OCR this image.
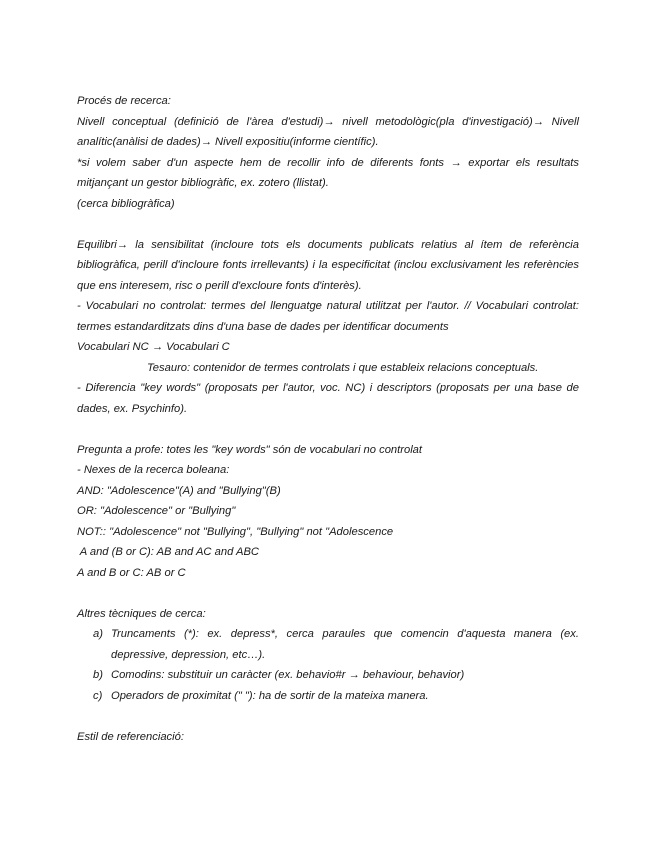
Procés de recerca:

Nivell conceptual (definició de l'àrea d'estudi)→ nivell metodològic(pla d'investigació)→ Nivell analític(anàlisi de dades)→ Nivell expositiu(informe científic).

*si volem saber d'un aspecte hem de recollir info de diferents fonts → exportar els resultats mitjançant un gestor bibliogràfic, ex. zotero (llistat).

(cerca bibliogràfica)

Equilibri→ la sensibilitat (incloure tots els documents publicats relatius al ítem de referència bibliogràfica, perill d'incloure fonts irrellevants) i la especificitat (inclou exclusivament les referències que ens interesem, risc o perill d'excloure fonts d'interès).

- Vocabulari no controlat: termes del llenguatge natural utilitzat per l'autor. // Vocabulari controlat: termes estandarditzats dins d'una base de dades per identificar documents

Vocabulari NC → Vocabulari C

Tesauro: contenidor de termes controlats i que estableix relacions conceptuals.

- Diferencia "key words" (proposats per l'autor, voc. NC) i descriptors (proposats per una base de dades, ex. Psychinfo).

Pregunta a profe: totes les "key words" són de vocabulari no controlat

- Nexes de la recerca boleana:

AND: "Adolescence"(A) and "Bullying"(B)

OR: "Adolescence" or "Bullying"

NOT:: "Adolescence" not "Bullying", "Bullying" not "Adolescence

A and (B or C): AB and AC and ABC

A and B or C: AB or C

Altres tècniques de cerca:

a) Truncaments (*): ex. depress*, cerca paraules que comencin d'aquesta manera (ex. depressive, depression, etc…).
b) Comodins: substituir un caràcter (ex. behavio#r → behaviour, behavior)
c) Operadors de proximitat (" "): ha de sortir de la mateixa manera.

Estil de referenciació:
